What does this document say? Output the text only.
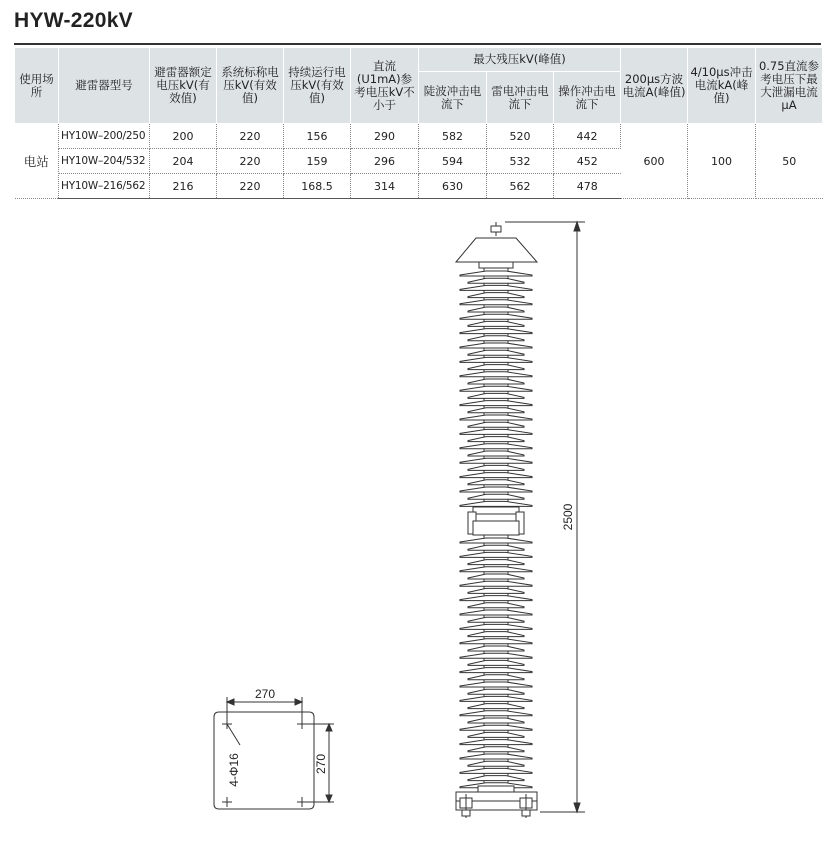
HYW-220kV
使用场所	避雷器型号	避雷器额定电压kV(有效值)	系统标称电压kV(有效值)	持续运行电压kV(有效值)	直流(U1mA)参考电压kV不小于	最大残压kV(峰值)			200μs方波电流A(峰值)	4/10μs冲击电流kA(峰值)	0.75直流参考电压下最大泄漏电流μA
						陡波冲击电流下	雷电冲击电流下	操作冲击电流下			
电站	HY10W–200/250	200	220	156	290	582	520	442	600	100	50
	HY10W–204/532	204	220	159	296	594	532	452			
	HY10W–216/562	216	220	168.5	314	630	562	478			
2500
270
270
4-Φ16
